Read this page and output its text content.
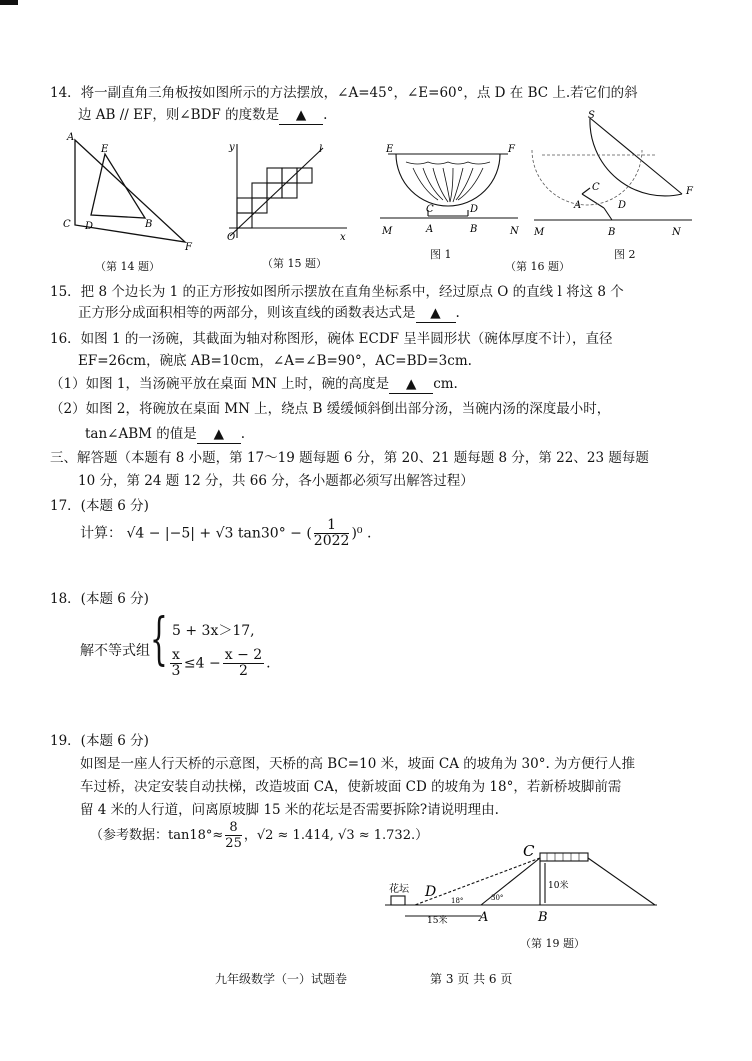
14．将一副直角三角板按如图所示的方法摆放，∠A=45°，∠E=60°，点 D 在 BC 上.若它们的斜
边 AB // EF，则∠BDF 的度数是 ▲ .
A
E
C D	B
F
（第 14 题）
y	l
O	x
（第 15 题）
E	F
C	D
M	A	B	N
图 1
S
F
C
A	D
M	B	N
图 2
（第 16 题）
15．把 8 个边长为 1 的正方形按如图所示摆放在直角坐标系中，经过原点 O 的直线 l 将这 8 个
正方形分成面积相等的两部分，则该直线的函数表达式是 ▲ .
16．如图 1 的一汤碗，其截面为轴对称图形，碗体 ECDF 呈半圆形状（碗体厚度不计），直径
EF=26cm，碗底 AB=10cm，∠A=∠B=90°，AC=BD=3cm.
（1）如图 1，当汤碗平放在桌面 MN 上时，碗的高度是 ▲ cm.
（2）如图 2，将碗放在桌面 MN 上，绕点 B 缓缓倾斜倒出部分汤，当碗内汤的深度最小时，
tan∠ABM 的值是 ▲ .
三、解答题（本题有 8 小题，第 17～19 题每题 6 分，第 20、21 题每题 8 分，第 22、23 题每题
10 分，第 24 题 12 分，共 66 分，各小题都必须写出解答过程）
17．(本题 6 分)
计算： √4 − |−5| + √3 tan30° − ( $\frac{1}{2022} )^0$ .
18．(本题 6 分)
解不等式组 { 5 + 3x＞17,
$\frac{x}{3} \le 4 - \frac{x - 2}{2}$ .
19．(本题 6 分)
如图是一座人行天桥的示意图，天桥的高 BC=10 米，坡面 CA 的坡角为 30°. 为方便行人推
车过桥，决定安装自动扶梯，改造坡面 CA，使新坡面 CD 的坡角为 18°，若新桥坡脚前需
留 4 米的人行道，问离原坡脚 15 米的花坛是否需要拆除?请说明理由.
（参考数据：$\tan 18^\circ\approx \frac{8}{25}$ ，√2 ≈ 1.414, √3 ≈ 1.732.）
C
花坛 D
18°	30°
10米
15米 A	B
（第 19 题）
九年级数学（一）试题卷	第 3 页 共 6 页
